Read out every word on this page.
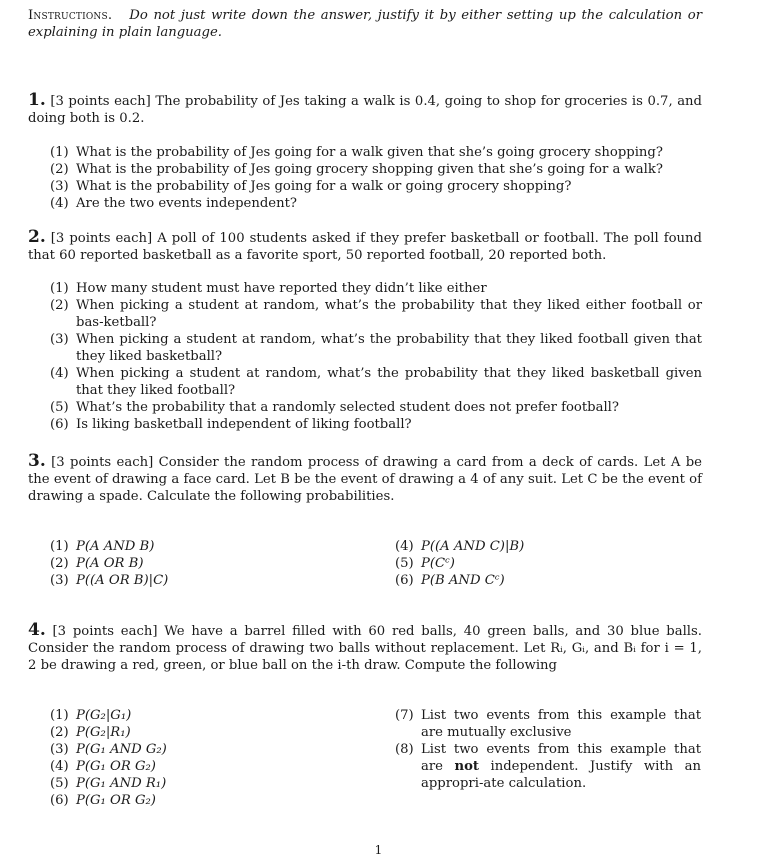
Instructions. Do not just write down the answer, justify it by either setting up the calculation or explaining in plain language.
1. [3 points each] The probability of Jes taking a walk is 0.4, going to shop for groceries is 0.7, and doing both is 0.2.
(1) What is the probability of Jes going for a walk given that she’s going grocery shopping?
(2) What is the probability of Jes going grocery shopping given that she’s going for a walk?
(3) What is the probability of Jes going for a walk or going grocery shopping?
(4) Are the two events independent?
2. [3 points each] A poll of 100 students asked if they prefer basketball or football. The poll found that 60 reported basketball as a favorite sport, 50 reported football, 20 reported both.
(1) How many student must have reported they didn’t like either
(2) When picking a student at random, what’s the probability that they liked either football or bas-ketball?
(3) When picking a student at random, what’s the probability that they liked football given that they liked basketball?
(4) When picking a student at random, what’s the probability that they liked basketball given that they liked football?
(5) What’s the probability that a randomly selected student does not prefer football?
(6) Is liking basketball independent of liking football?
3. [3 points each] Consider the random process of drawing a card from a deck of cards. Let A be the event of drawing a face card. Let B be the event of drawing a 4 of any suit. Let C be the event of drawing a spade. Calculate the following probabilities.
(1) P(A AND B)
(2) P(A OR B)
(3) P((A OR B)|C)
(4) P((A AND C)|B)
(5) P(Cᶜ)
(6) P(B AND Cᶜ)
4. [3 points each] We have a barrel filled with 60 red balls, 40 green balls, and 30 blue balls. Consider the random process of drawing two balls without replacement. Let Rᵢ, Gᵢ, and Bᵢ for i = 1, 2 be drawing a red, green, or blue ball on the i-th draw. Compute the following
(1) P(G₂|G₁)
(2) P(G₂|R₁)
(3) P(G₁ AND G₂)
(4) P(G₁ OR G₂)
(5) P(G₁ AND R₁)
(6) P(G₁ OR G₂)
(7) List two events from this example that are mutually exclusive
(8) List two events from this example that are not independent. Justify with an appropri-ate calculation.
1
